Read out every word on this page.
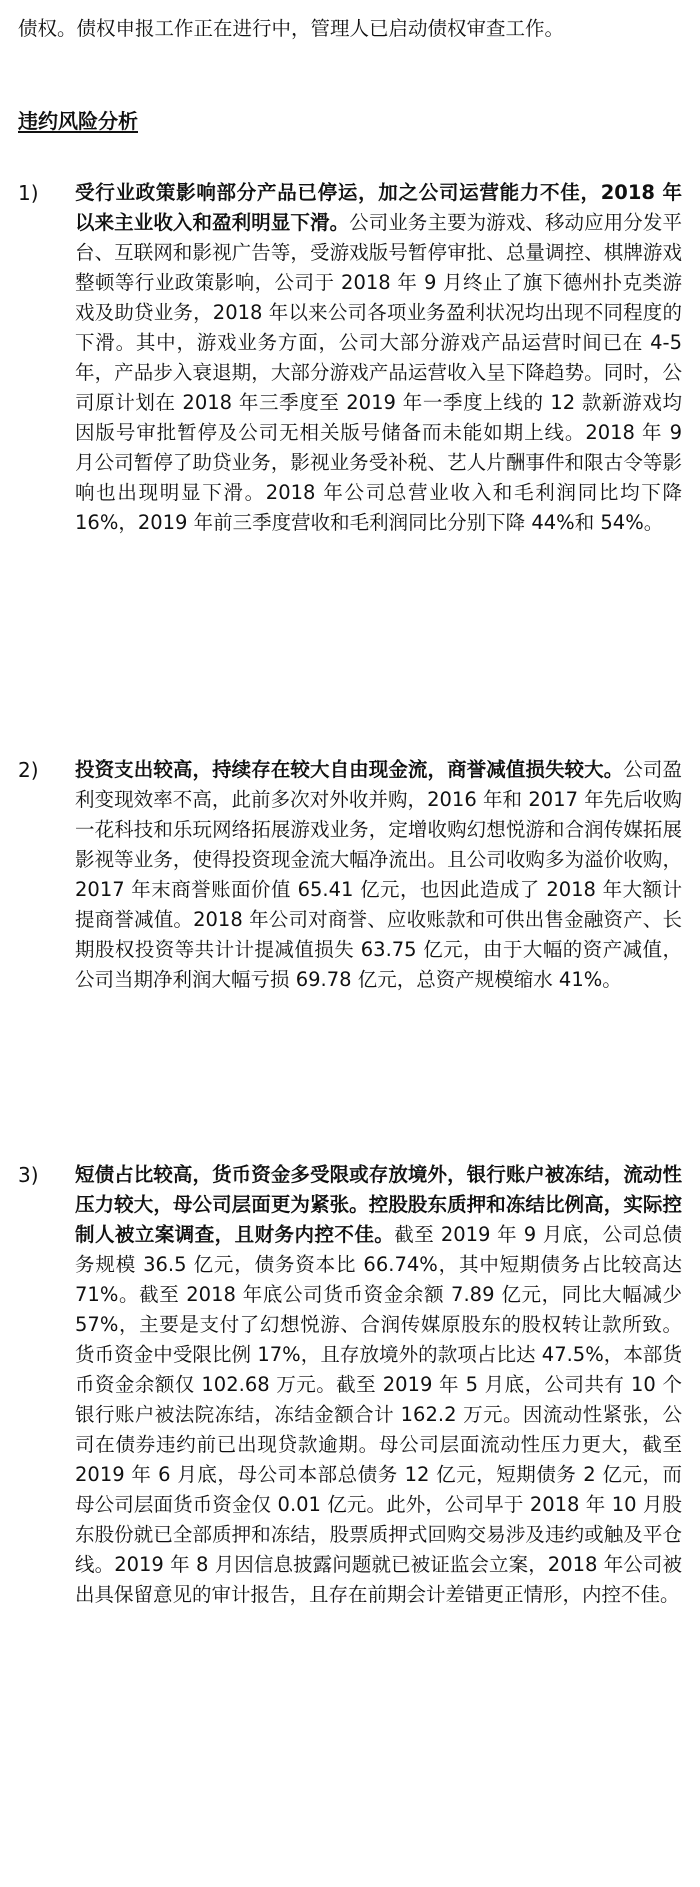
债权。债权申报工作正在进行中，管理人已启动债权审查工作。
违约风险分析
1)	受行业政策影响部分产品已停运，加之公司运营能力不佳，2018 年以来主业收入和盈利明显下滑。公司业务主要为游戏、移动应用分发平台、互联网和影视广告等，受游戏版号暂停审批、总量调控、棋牌游戏整顿等行业政策影响，公司于 2018 年 9 月终止了旗下德州扑克类游戏及助贷业务，2018 年以来公司各项业务盈利状况均出现不同程度的下滑。其中，游戏业务方面，公司大部分游戏产品运营时间已在 4-5 年，产品步入衰退期，大部分游戏产品运营收入呈下降趋势。同时，公司原计划在 2018 年三季度至 2019 年一季度上线的 12 款新游戏均因版号审批暂停及公司无相关版号储备而未能如期上线。2018 年 9 月公司暂停了助贷业务，影视业务受补税、艺人片酬事件和限古令等影响也出现明显下滑。2018 年公司总营业收入和毛利润同比均下降 16%，2019 年前三季度营收和毛利润同比分别下降 44%和 54%。
2)	投资支出较高，持续存在较大自由现金流，商誉减值损失较大。公司盈利变现效率不高，此前多次对外收并购，2016 年和 2017 年先后收购一花科技和乐玩网络拓展游戏业务，定增收购幻想悦游和合润传媒拓展影视等业务，使得投资现金流大幅净流出。且公司收购多为溢价收购，2017 年末商誉账面价值 65.41 亿元，也因此造成了 2018 年大额计提商誉减值。2018 年公司对商誉、应收账款和可供出售金融资产、长期股权投资等共计计提减值损失 63.75 亿元，由于大幅的资产减值，公司当期净利润大幅亏损 69.78 亿元，总资产规模缩水 41%。
3)	短债占比较高，货币资金多受限或存放境外，银行账户被冻结，流动性压力较大，母公司层面更为紧张。控股股东质押和冻结比例高，实际控制人被立案调查，且财务内控不佳。截至 2019 年 9 月底，公司总债务规模 36.5 亿元，债务资本比 66.74%，其中短期债务占比较高达 71%。截至 2018 年底公司货币资金余额 7.89 亿元，同比大幅减少 57%，主要是支付了幻想悦游、合润传媒原股东的股权转让款所致。货币资金中受限比例 17%，且存放境外的款项占比达 47.5%，本部货币资金余额仅 102.68 万元。截至 2019 年 5 月底，公司共有 10 个银行账户被法院冻结，冻结金额合计 162.2 万元。因流动性紧张，公司在债券违约前已出现贷款逾期。母公司层面流动性压力更大，截至 2019 年 6 月底，母公司本部总债务 12 亿元，短期债务 2 亿元，而母公司层面货币资金仅 0.01 亿元。此外，公司早于 2018 年 10 月股东股份就已全部质押和冻结，股票质押式回购交易涉及违约或触及平仓线。2019 年 8 月因信息披露问题就已被证监会立案，2018 年公司被出具保留意见的审计报告，且存在前期会计差错更正情形，内控不佳。
